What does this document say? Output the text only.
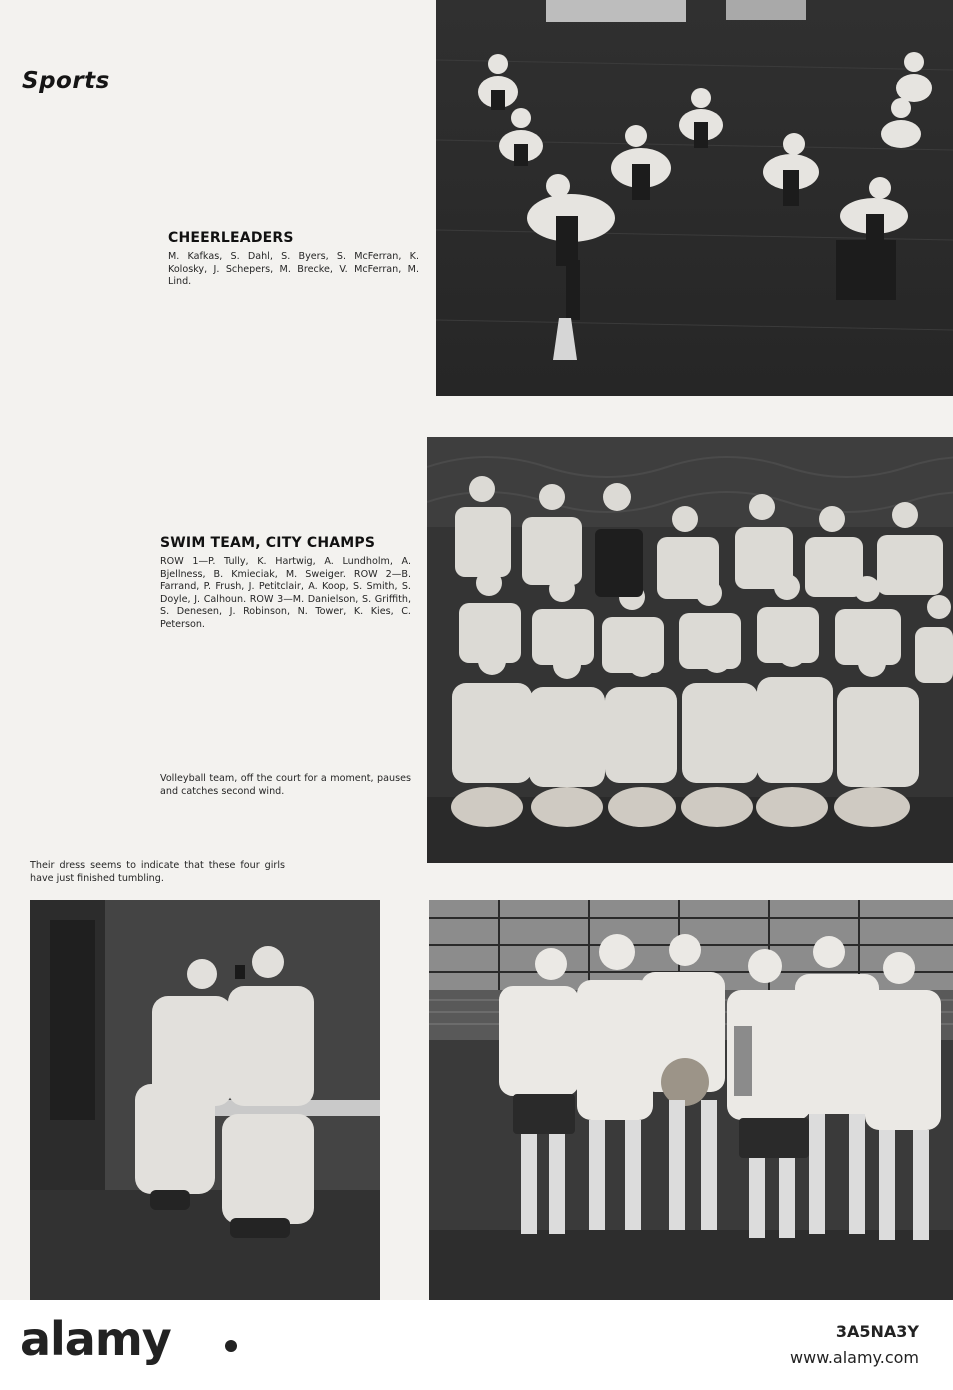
Sports
CHEERLEADERS
M. Kafkas, S. Dahl, S. Byers, S. McFerran, K. Kolosky, J. Schepers, M. Brecke, V. McFerran, M. Lind.
SWIM TEAM, CITY CHAMPS
ROW 1—P. Tully, K. Hartwig, A. Lundholm, A. Bjellness, B. Kmieciak, M. Sweiger. ROW 2—B. Farrand, P. Frush, J. Petitclair, A. Koop, S. Smith, S. Doyle, J. Calhoun. ROW 3—M. Danielson, S. Griffith, S. Denesen, J. Robinson, N. Tower, K. Kies, C. Peterson.
Volleyball team, off the court for a moment, pauses and catches second wind.
Their dress seems to indicate that these four girls have just finished tumbling.
alamy	3A5NA3Y
www.alamy.com
